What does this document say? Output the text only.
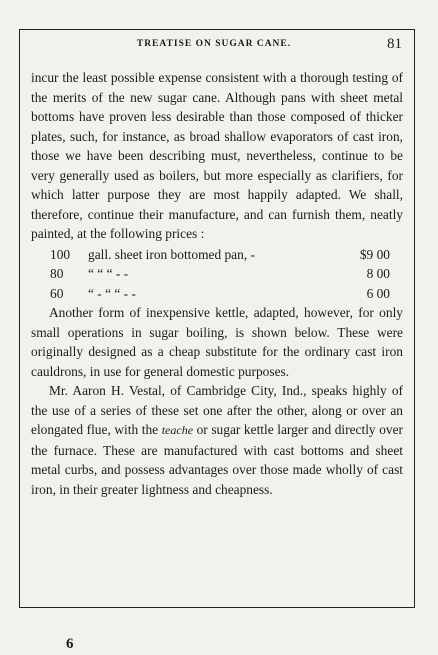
TREATISE ON SUGAR CANE.	81

incur the least possible expense consistent with a thorough testing of the merits of the new sugar cane. Although pans with sheet metal bottoms have proven less desirable than those composed of thicker plates, such, for instance, as broad shallow evaporators of cast iron, those we have been describing must, nevertheless, continue to be very generally used as boilers, but more especially as clarifiers, for which latter purpose they are most happily adapted. We shall, therefore, continue their manufacture, and can furnish them, neatly painted, at the following prices :

100	gall. sheet iron bottomed pan, -	$9 00
80	“ “ “ - -	8 00
60	“ - “ “ - -	6 00

Another form of inexpensive kettle, adapted, however, for only small operations in sugar boiling, is shown below. These were originally designed as a cheap substitute for the ordinary cast iron cauldrons, in use for general domestic purposes.

Mr. Aaron H. Vestal, of Cambridge City, Ind., speaks highly of the use of a series of these set one after the other, along or over an elongated flue, with the teache or sugar kettle larger and directly over the furnace. These are manufactured with cast bottoms and sheet metal curbs, and possess advantages over those made wholly of cast iron, in their greater lightness and cheapness.

6
